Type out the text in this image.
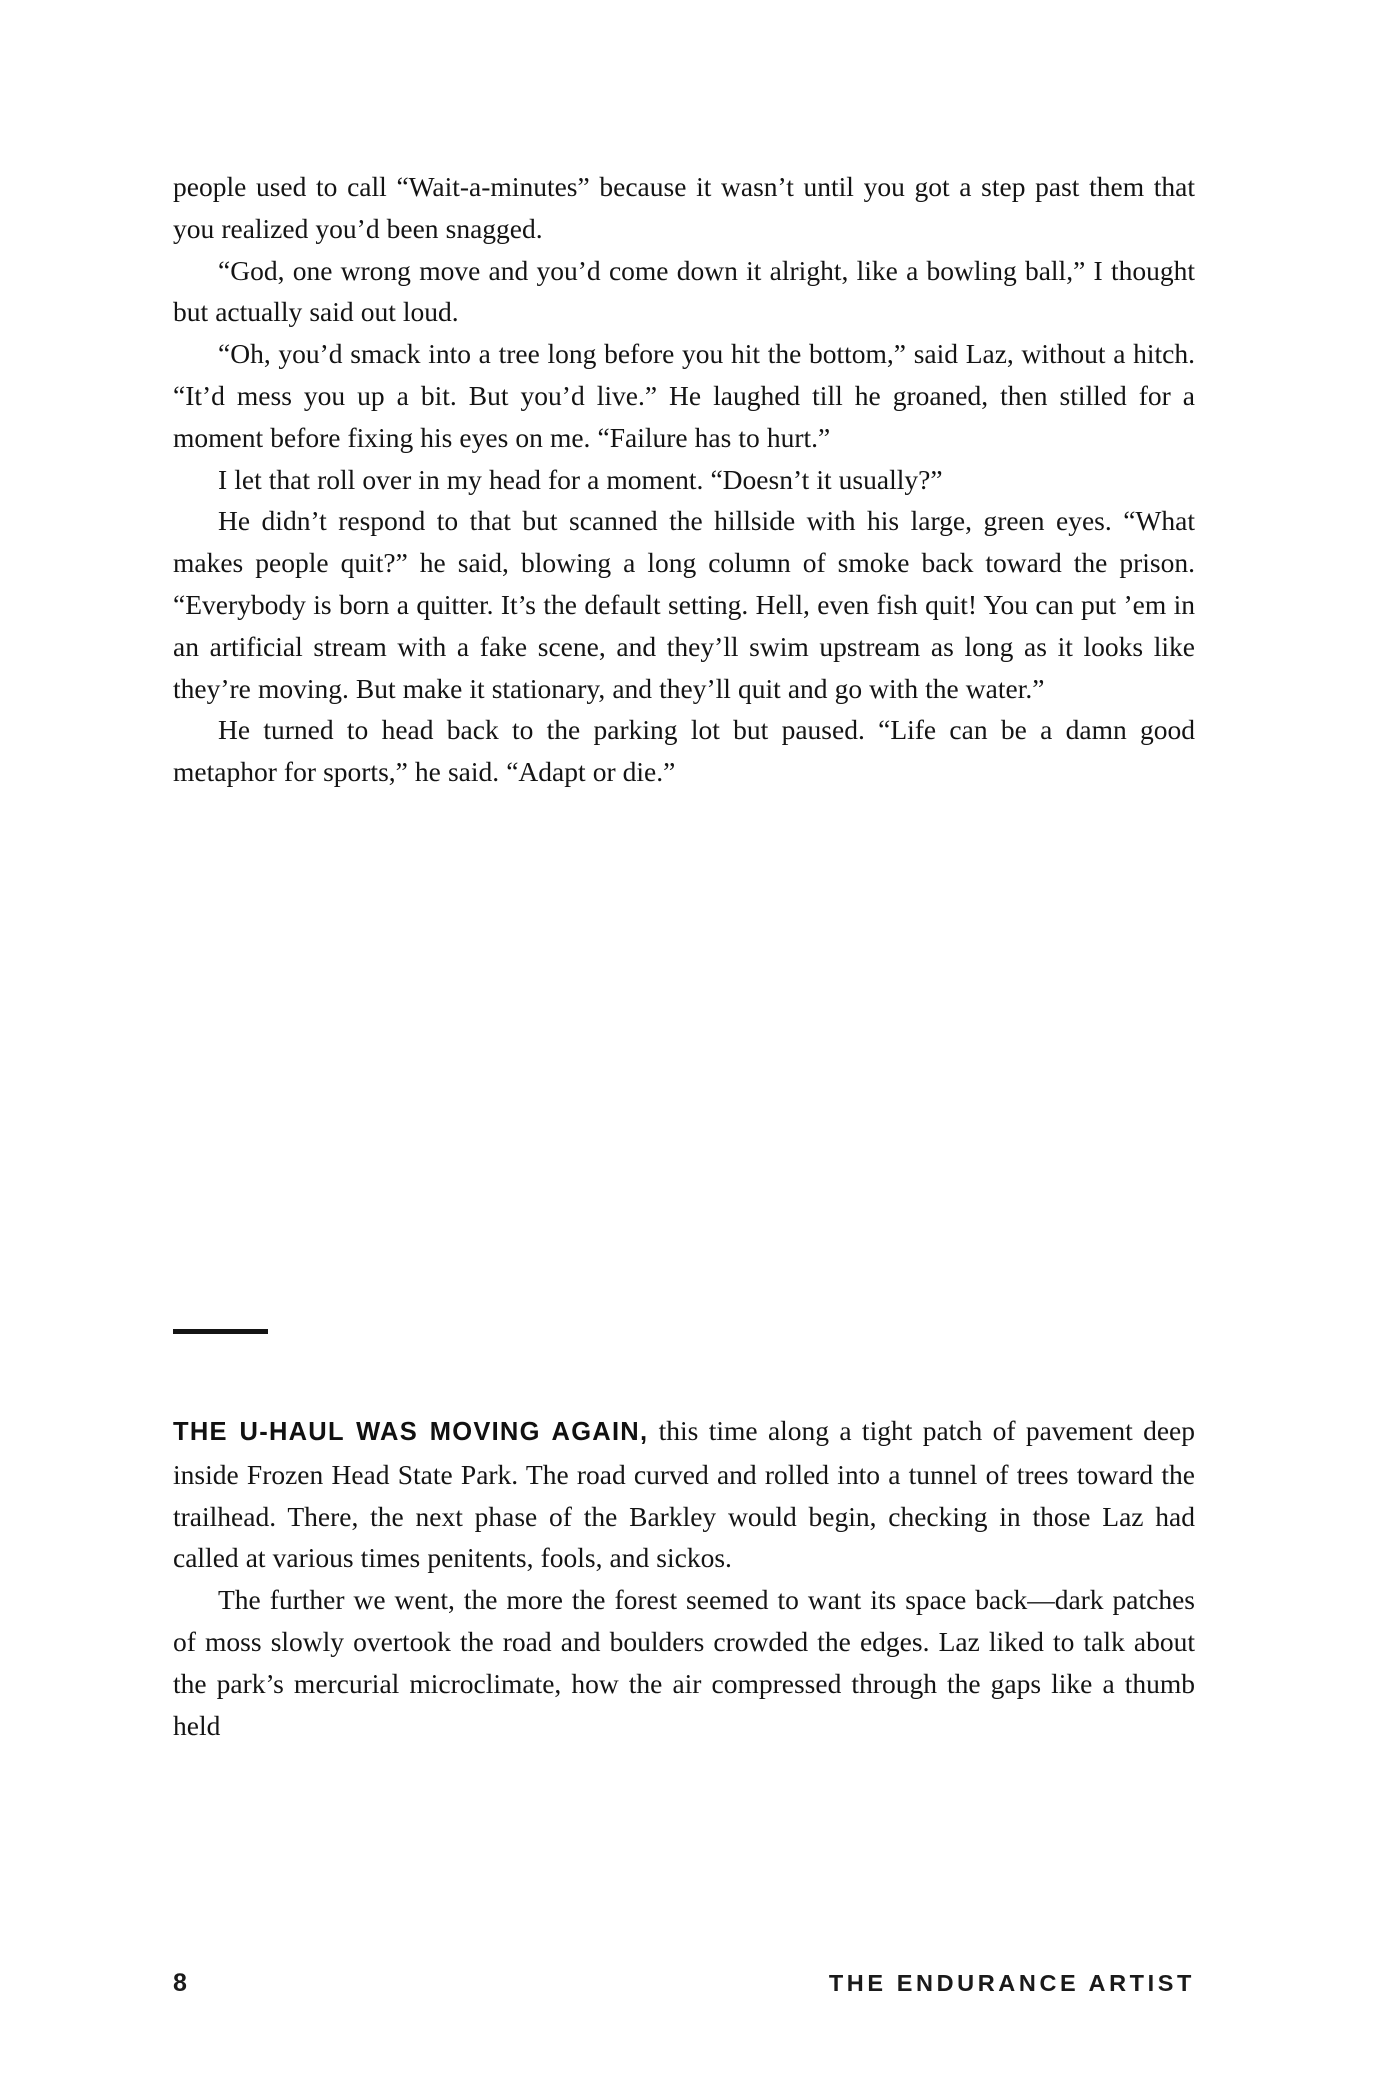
people used to call “Wait-a-minutes” because it wasn’t until you got a step past them that you realized you’d been snagged.

“God, one wrong move and you’d come down it alright, like a bowling ball,” I thought but actually said out loud.

“Oh, you’d smack into a tree long before you hit the bottom,” said Laz, without a hitch. “It’d mess you up a bit. But you’d live.” He laughed till he groaned, then stilled for a moment before fixing his eyes on me. “Failure has to hurt.”

I let that roll over in my head for a moment. “Doesn’t it usually?”

He didn’t respond to that but scanned the hillside with his large, green eyes. “What makes people quit?” he said, blowing a long column of smoke back toward the prison. “Everybody is born a quitter. It’s the default setting. Hell, even fish quit! You can put ’em in an artificial stream with a fake scene, and they’ll swim upstream as long as it looks like they’re moving. But make it stationary, and they’ll quit and go with the water.”

He turned to head back to the parking lot but paused. “Life can be a damn good metaphor for sports,” he said. “Adapt or die.”

THE U-HAUL WAS MOVING AGAIN, this time along a tight patch of pavement deep inside Frozen Head State Park. The road curved and rolled into a tunnel of trees toward the trailhead. There, the next phase of the Barkley would begin, checking in those Laz had called at various times penitents, fools, and sickos.

The further we went, the more the forest seemed to want its space back—dark patches of moss slowly overtook the road and boulders crowded the edges. Laz liked to talk about the park’s mercurial microclimate, how the air compressed through the gaps like a thumb held

8	THE ENDURANCE ARTIST
